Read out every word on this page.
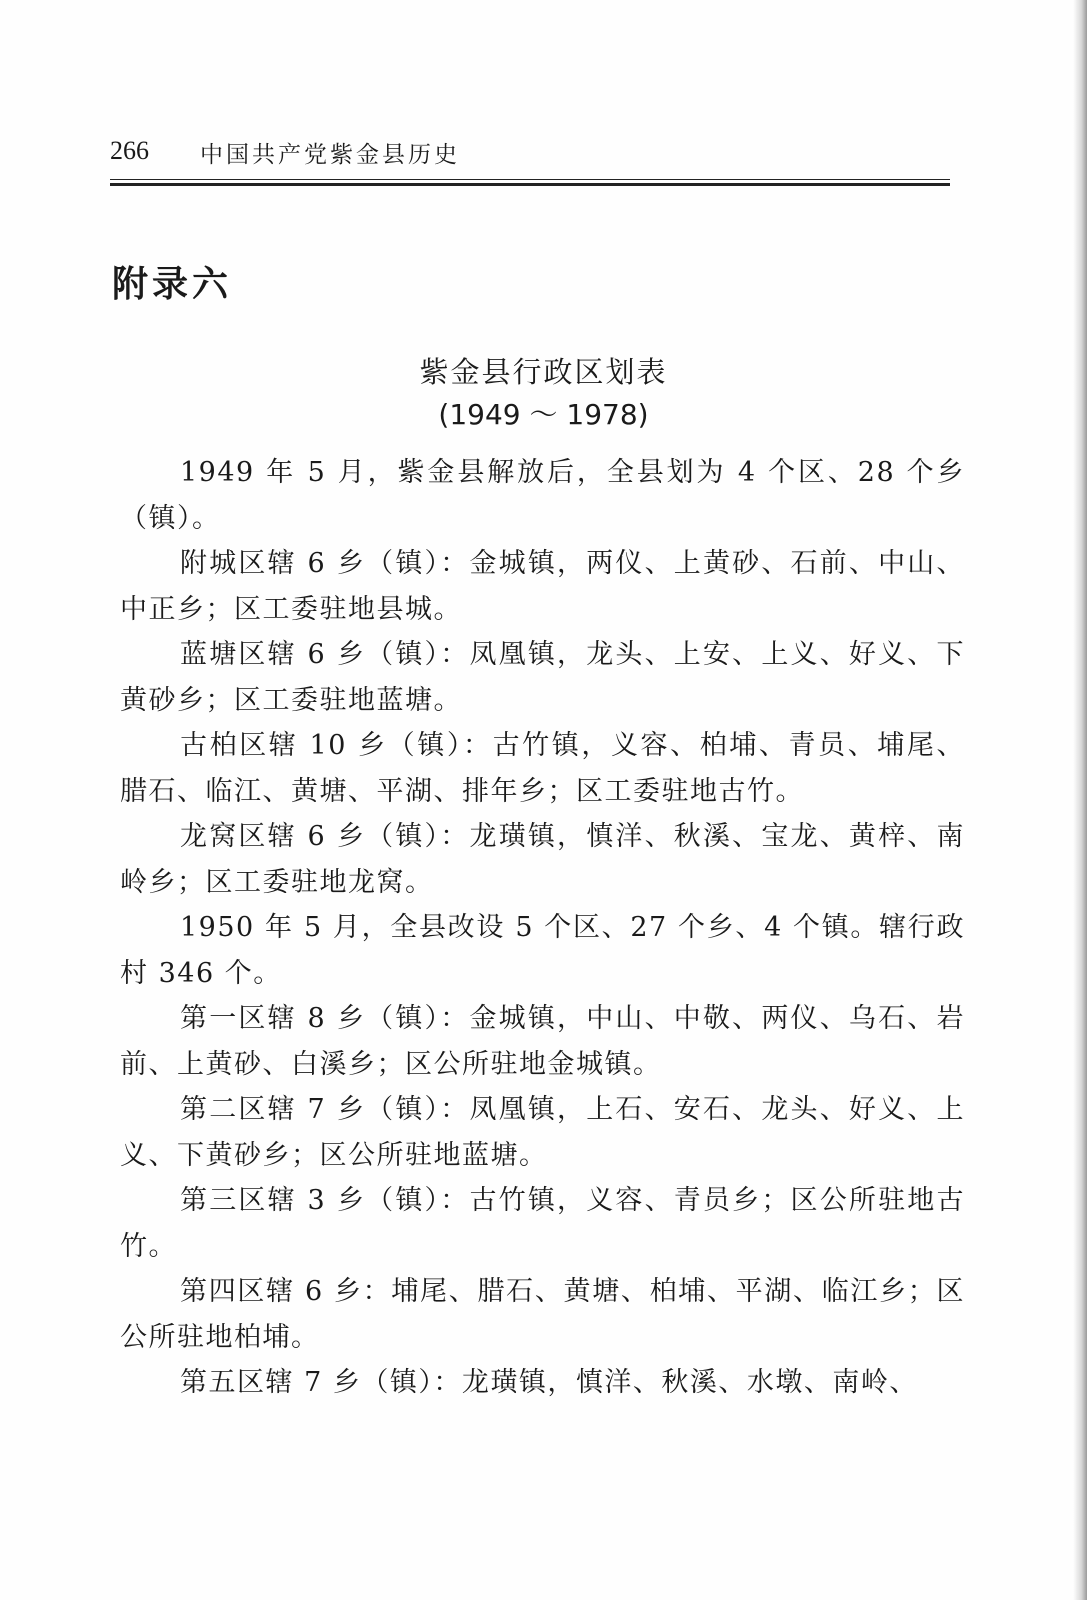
266 中国共产党紫金县历史
附录六
紫金县行政区划表
(1949 ～ 1978)

1949 年 5 月，紫金县解放后，全县划为 4 个区、28 个乡（镇）。

附城区辖 6 乡（镇）：金城镇，两仪、上黄砂、石前、中山、中正乡；区工委驻地县城。

蓝塘区辖 6 乡（镇）：凤凰镇，龙头、上安、上义、好义、下黄砂乡；区工委驻地蓝塘。

古柏区辖 10 乡（镇）：古竹镇，义容、柏埔、青员、埔尾、腊石、临江、黄塘、平湖、排年乡；区工委驻地古竹。

龙窝区辖 6 乡（镇）：龙璜镇，慎洋、秋溪、宝龙、黄梓、南岭乡；区工委驻地龙窝。

1950 年 5 月，全县改设 5 个区、27 个乡、4 个镇。辖行政村 346 个。

第一区辖 8 乡（镇）：金城镇，中山、中敬、两仪、乌石、岩前、上黄砂、白溪乡；区公所驻地金城镇。

第二区辖 7 乡（镇）：凤凰镇，上石、安石、龙头、好义、上义、下黄砂乡；区公所驻地蓝塘。

第三区辖 3 乡（镇）：古竹镇，义容、青员乡；区公所驻地古竹。

第四区辖 6 乡：埔尾、腊石、黄塘、柏埔、平湖、临江乡；区公所驻地柏埔。

第五区辖 7 乡（镇）：龙璜镇，慎洋、秋溪、水墩、南岭、
